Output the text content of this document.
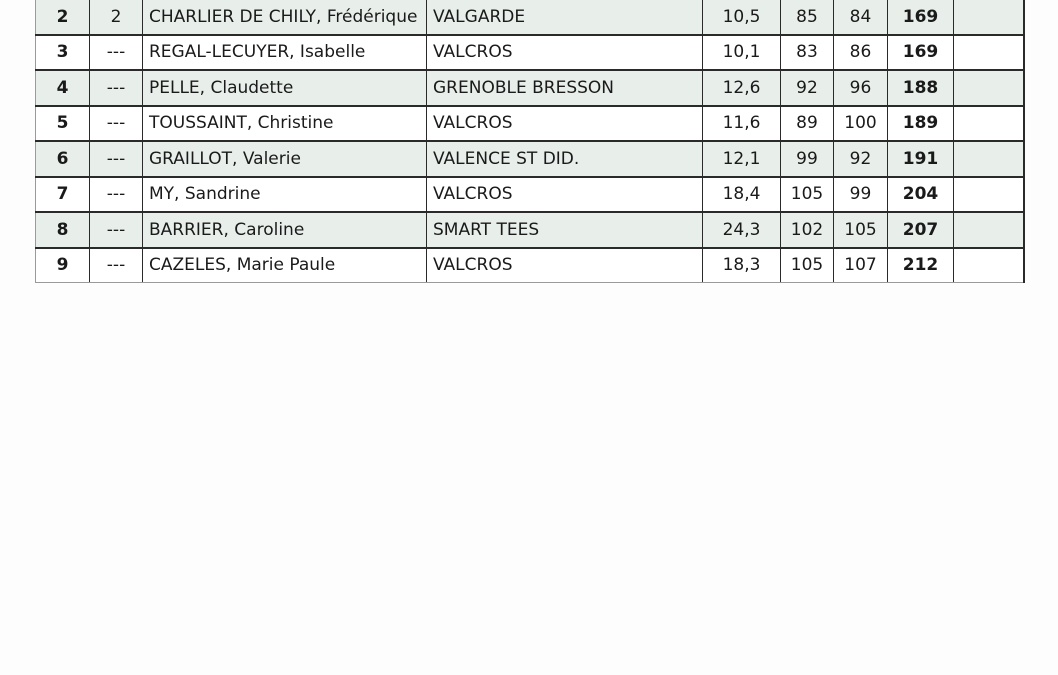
2	2	CHARLIER DE CHILY, Frédérique	VALGARDE	10,5	85	84	169	
3	---	REGAL-LECUYER, Isabelle	VALCROS	10,1	83	86	169	
4	---	PELLE, Claudette	GRENOBLE BRESSON	12,6	92	96	188	
5	---	TOUSSAINT, Christine	VALCROS	11,6	89	100	189	
6	---	GRAILLOT, Valerie	VALENCE ST DID.	12,1	99	92	191	
7	---	MY, Sandrine	VALCROS	18,4	105	99	204	
8	---	BARRIER, Caroline	SMART TEES	24,3	102	105	207	
9	---	CAZELES, Marie Paule	VALCROS	18,3	105	107	212	
